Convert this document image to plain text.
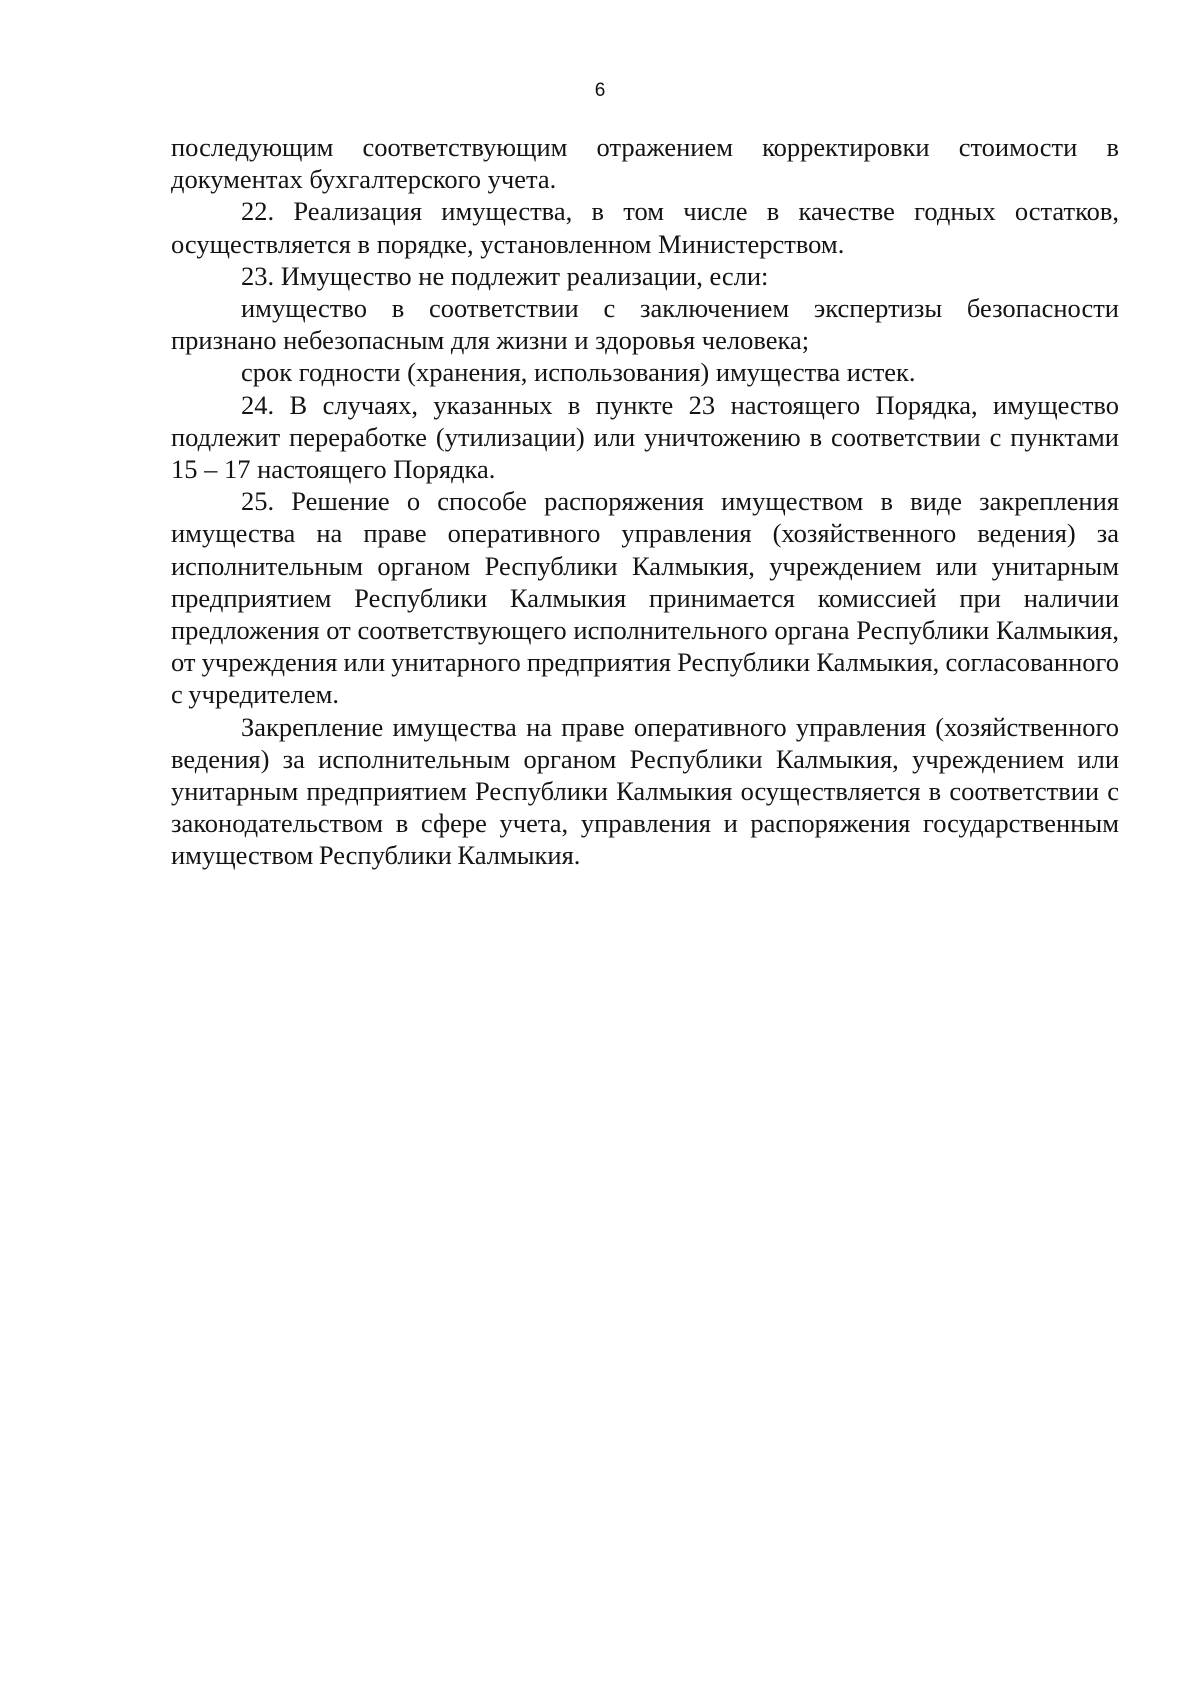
6

последующим соответствующим отражением корректировки стоимости в документах бухгалтерского учета.

22. Реализация имущества, в том числе в качестве годных остатков, осуществляется в порядке, установленном Министерством.

23. Имущество не подлежит реализации, если:

имущество в соответствии с заключением экспертизы безопасности признано небезопасным для жизни и здоровья человека;

срок годности (хранения, использования) имущества истек.

24. В случаях, указанных в пункте 23 настоящего Порядка, имущество подлежит переработке (утилизации) или уничтожению в соответствии с пунктами 15 – 17 настоящего Порядка.

25. Решение о способе распоряжения имуществом в виде закрепления имущества на праве оперативного управления (хозяйственного ведения) за исполнительным органом Республики Калмыкия, учреждением или унитарным предприятием Республики Калмыкия принимается комиссией при наличии предложения от соответствующего исполнительного органа Республики Калмыкия, от учреждения или унитарного предприятия Республики Калмыкия, согласованного с учредителем.

Закрепление имущества на праве оперативного управления (хозяйственного ведения) за исполнительным органом Республики Калмыкия, учреждением или унитарным предприятием Республики Калмыкия осуществляется в соответствии с законодательством в сфере учета, управления и распоряжения государственным имуществом Республики Калмыкия.
